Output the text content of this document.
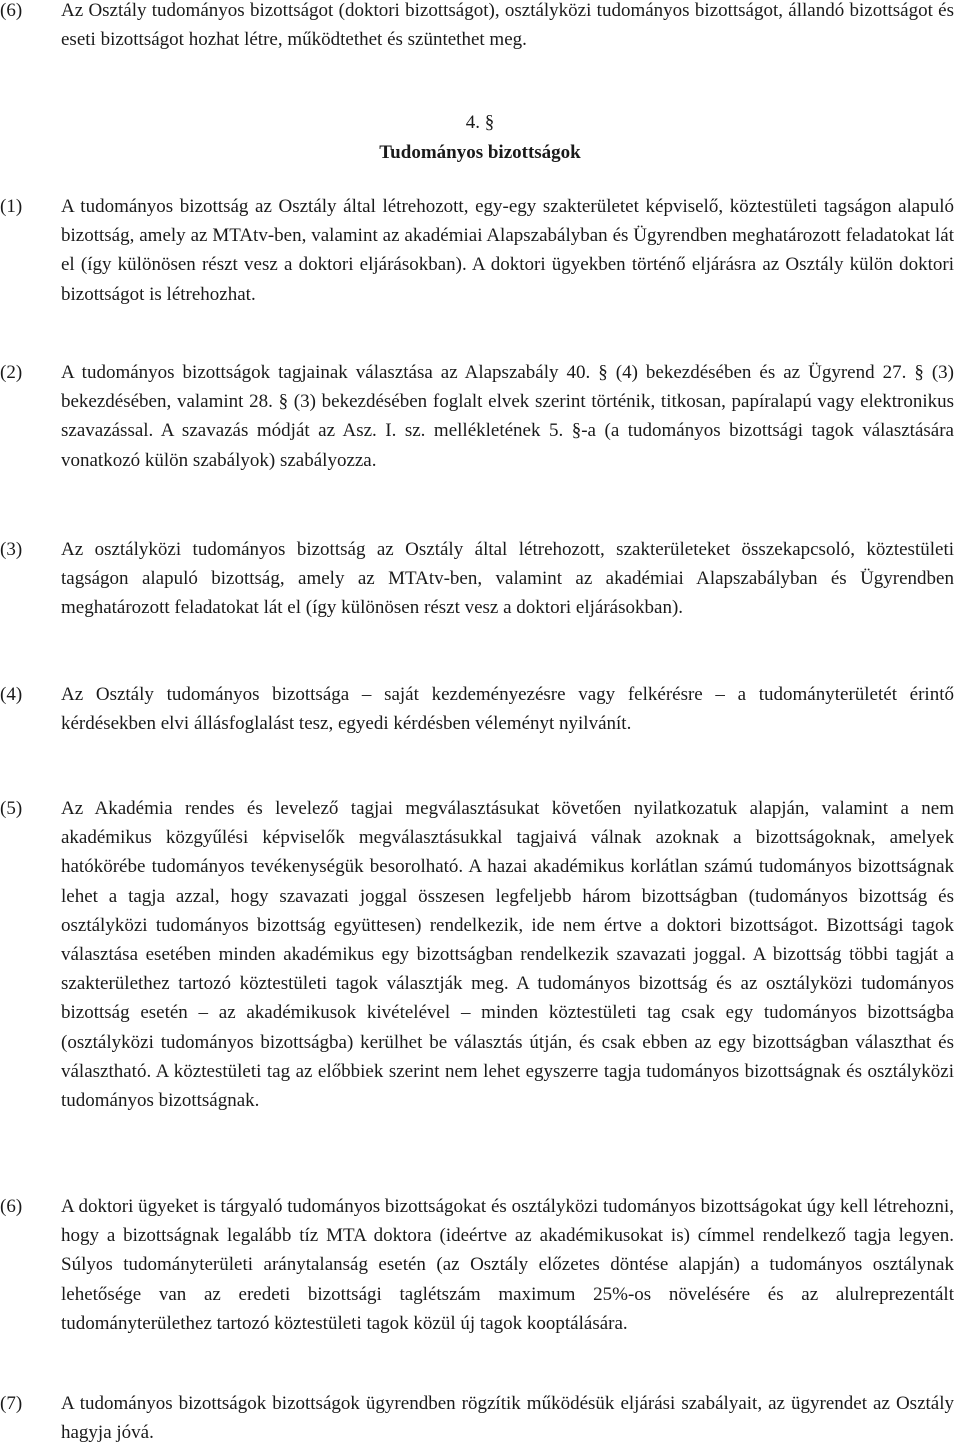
(6)	Az Osztály tudományos bizottságot (doktori bizottságot), osztályközi tudományos bizottságot, állandó bizottságot és eseti bizottságot hozhat létre, működtethet és szüntethet meg.
4. §
Tudományos bizottságok
(1)	A tudományos bizottság az Osztály által létrehozott, egy-egy szakterületet képviselő, köztestületi tagságon alapuló bizottság, amely az MTAtv-ben, valamint az akadémiai Alapszabályban és Ügyrendben meghatározott feladatokat lát el (így különösen részt vesz a doktori eljárásokban). A doktori ügyekben történő eljárásra az Osztály külön doktori bizottságot is létrehozhat.
(2)	A tudományos bizottságok tagjainak választása az Alapszabály 40. § (4) bekezdésében és az Ügyrend 27. § (3) bekezdésében, valamint 28. § (3) bekezdésében foglalt elvek szerint történik, titkosan, papíralapú vagy elektronikus szavazással. A szavazás módját az Asz. I. sz. mellékletének 5. §-a (a tudományos bizottsági tagok választására vonatkozó külön szabályok) szabályozza.
(3)	Az osztályközi tudományos bizottság az Osztály által létrehozott, szakterületeket összekapcsoló, köztestületi tagságon alapuló bizottság, amely az MTAtv-ben, valamint az akadémiai Alapszabályban és Ügyrendben meghatározott feladatokat lát el (így különösen részt vesz a doktori eljárásokban).
(4)	Az Osztály tudományos bizottsága – saját kezdeményezésre vagy felkérésre – a tudományterületét érintő kérdésekben elvi állásfoglalást tesz, egyedi kérdésben véleményt nyilvánít.
(5)	Az Akadémia rendes és levelező tagjai megválasztásukat követően nyilatkozatuk alapján, valamint a nem akadémikus közgyűlési képviselők megválasztásukkal tagjaivá válnak azoknak a bizottságoknak, amelyek hatókörébe tudományos tevékenységük besorolható. A hazai akadémikus korlátlan számú tudományos bizottságnak lehet a tagja azzal, hogy szavazati joggal összesen legfeljebb három bizottságban (tudományos bizottság és osztályközi tudományos bizottság együttesen) rendelkezik, ide nem értve a doktori bizottságot. Bizottsági tagok választása esetében minden akadémikus egy bizottságban rendelkezik szavazati joggal. A bizottság többi tagját a szakterülethez tartozó köztestületi tagok választják meg. A tudományos bizottság és az osztályközi tudományos bizottság esetén – az akadémikusok kivételével – minden köztestületi tag csak egy tudományos bizottságba (osztályközi tudományos bizottságba) kerülhet be választás útján, és csak ebben az egy bizottságban választhat és választható. A köztestületi tag az előbbiek szerint nem lehet egyszerre tagja tudományos bizottságnak és osztályközi tudományos bizottságnak.
(6)	A doktori ügyeket is tárgyaló tudományos bizottságokat és osztályközi tudományos bizottságokat úgy kell létrehozni, hogy a bizottságnak legalább tíz MTA doktora (ideértve az akadémikusokat is) címmel rendelkező tagja legyen. Súlyos tudományterületi aránytalanság esetén (az Osztály előzetes döntése alapján) a tudományos osztálynak lehetősége van az eredeti bizottsági taglétszám maximum 25%-os növelésére és az alulreprezentált tudományterülethez tartozó köztestületi tagok közül új tagok kooptálására.
(7)	A tudományos bizottságok bizottságok ügyrendben rögzítik működésük eljárási szabályait, az ügyrendet az Osztály hagyja jóvá.
